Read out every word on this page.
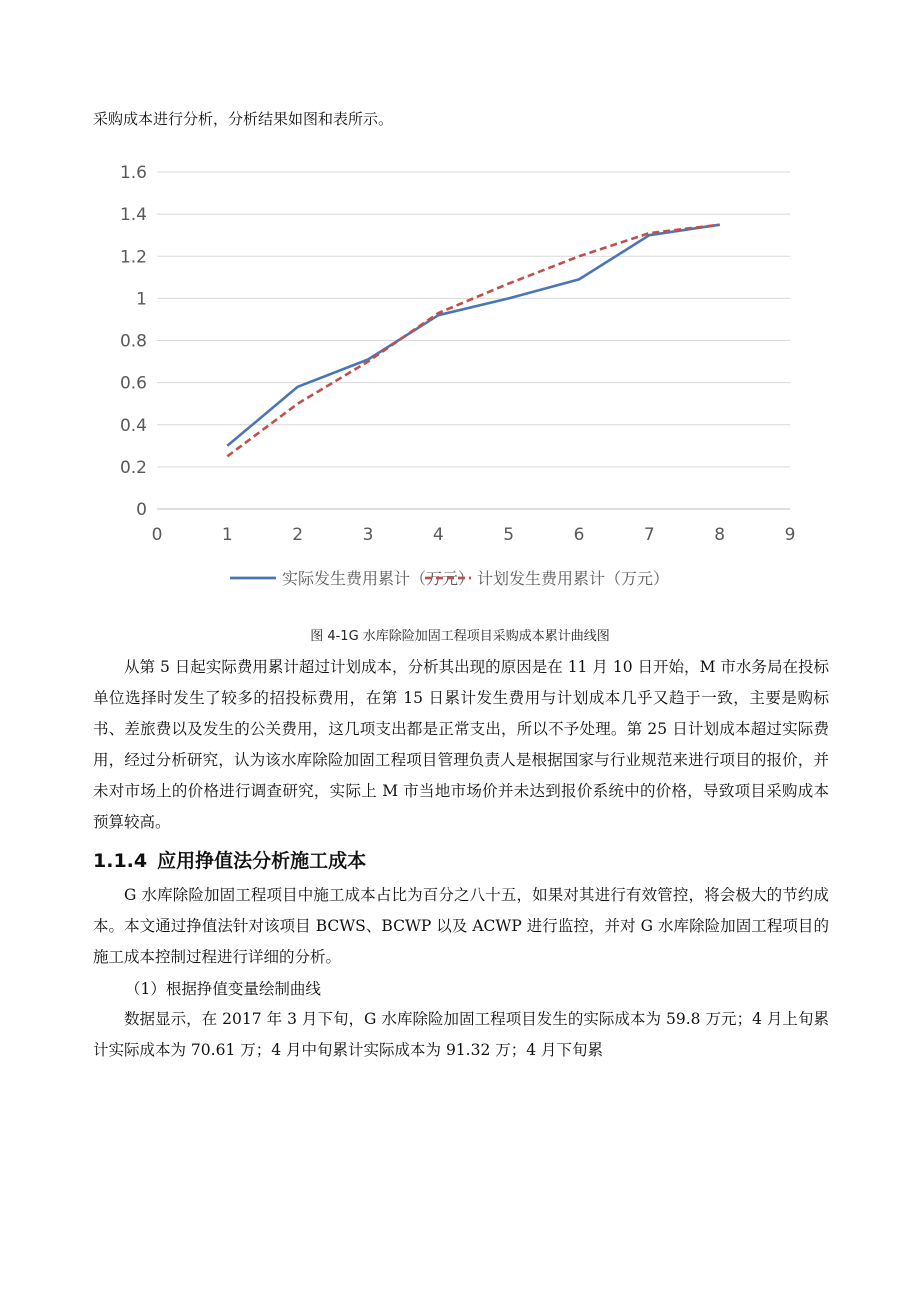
采购成本进行分析，分析结果如图和表所示。
0
0.2
0.4
0.6
0.8
1
1.2
1.4
1.6
0	1	2	3	4	5	6	7	8	9
实际发生费用累计（万元） 计划发生费用累计（万元）
图 4-1G 水库除险加固工程项目采购成本累计曲线图

从第 5 日起实际费用累计超过计划成本，分析其出现的原因是在 11 月 10 日开始，M 市水务局在投标单位选择时发生了较多的招投标费用，在第 15 日累计发生费用与计划成本几乎又趋于一致，主要是购标书、差旅费以及发生的公关费用，这几项支出都是正常支出，所以不予处理。第 25 日计划成本超过实际费用，经过分析研究，认为该水库除险加固工程项目管理负责人是根据国家与行业规范来进行项目的报价，并未对市场上的价格进行调查研究，实际上 M 市当地市场价并未达到报价系统中的价格，导致项目采购成本预算较高。

1.1.4 应用挣值法分析施工成本

G 水库除险加固工程项目中施工成本占比为百分之八十五，如果对其进行有效管控，将会极大的节约成本。本文通过挣值法针对该项目 BCWS、BCWP 以及 ACWP 进行监控，并对 G 水库除险加固工程项目的施工成本控制过程进行详细的分析。

（1）根据挣值变量绘制曲线

数据显示，在 2017 年 3 月下旬，G 水库除险加固工程项目发生的实际成本为 59.8 万元；4 月上旬累计实际成本为 70.61 万；4 月中旬累计实际成本为 91.32 万；4 月下旬累
